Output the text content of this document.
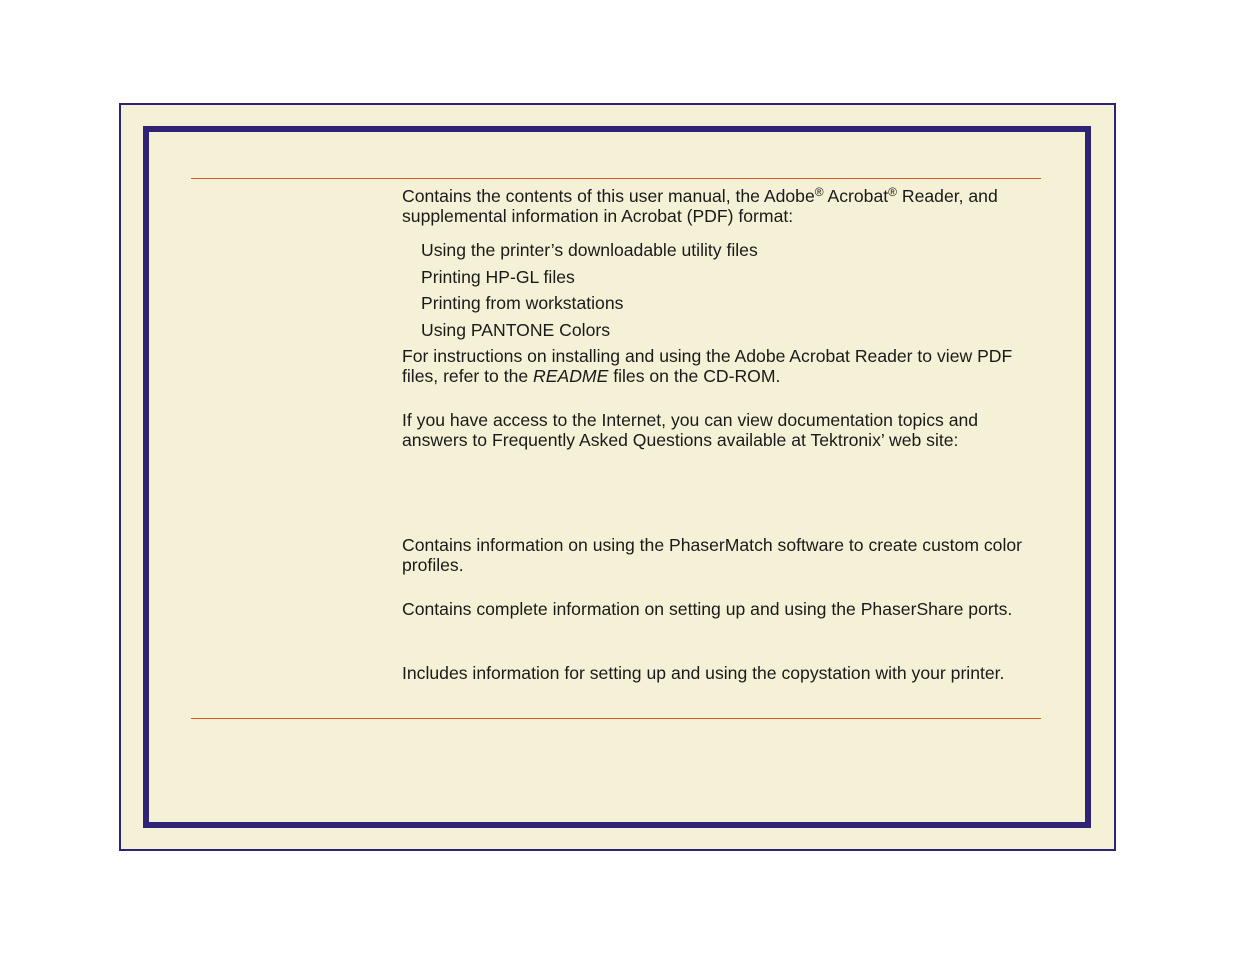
Contains the contents of this user manual, the Adobe® Acrobat® Reader, and supplemental information in Acrobat (PDF) format:

Using the printer’s downloadable utility files

Printing HP-GL files

Printing from workstations

Using PANTONE Colors

For instructions on installing and using the Adobe Acrobat Reader to view PDF files, refer to the README files on the CD-ROM.

If you have access to the Internet, you can view documentation topics and answers to Frequently Asked Questions available at Tektronix’ web site:

Contains information on using the PhaserMatch software to create custom color profiles.

Contains complete information on setting up and using the PhaserShare ports.

Includes information for setting up and using the copystation with your printer.
